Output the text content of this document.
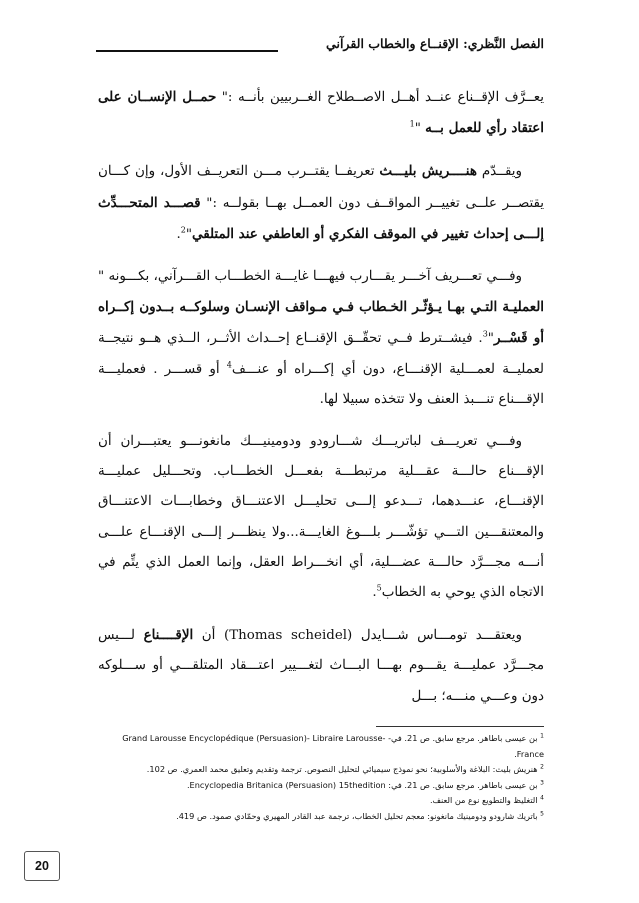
الفصل النَّظري: الإقنــاع والخطاب القرآني

يعــرَّف الإقــناع عنــد أهــل الاصــطلاح الغــربيين بأنــه :" حمــل الإنســان على اعتقاد رأي للعمل بــه "$^1$

ويقــدّم هنــــريش بليـــث تعريفــا يقتــرب مـــن التعريــف الأول، وإن كـــان يقتصــر علــى تغييــر المواقــف دون العمــل بهــا بقولــه :" قصـــد المتحـــدِّث إلـــى إحداث تغيير في الموقف الفكري أو العاطفي عند المتلقي"$^2$.

وفـــي تعـــريف آخـــر يقـــارب فيهـــا غايـــة الخطـــاب القـــرآني، بكـــونه " العمليـة التـي بهـا يـؤثّـر الخـطاب فـي مـواقف الإنسـان وسلوكــه بــدون إكــراه أو قَسْــر"$^3$. فيشــترط فــي تحقّــق الإقنــاع إحــداث الأثــر، الــذي هــو نتيجــة لعمليــة لعمـــلية الإقنـــاع، دون أي إكـــراه أو عنـــف$^4$ أو قســـر . فعمليـــة الإقـــناع تنـــبذ العنف ولا تتخذه سبيلا لها.

وفـــي تعريـــف لباتريـــك شـــارودو ودومينيـــك مانغونـــو يعتبـــران أن الإقـــناع حالـــة عقـــلية مرتبطـــة بفعـــل الخطـــاب. وتحـــليل عمليـــة الإقنـــاع، عنـــدهما، تـــدعو إلـــى تحليـــل الاعتنـــاق وخطابـــات الاعتنـــاق والمعتنقـــين التـــي تؤشّـــر بلـــوغ الغايـــة...ولا ينظـــر إلـــى الإقنـــاع علـــى أنـــه مجـــرَّد حالـــة عضـــلية، أي انخـــراط العقل، وإنما العمل الذي يتِّم في الاتجاه الذي يوحي به الخطاب$^5$.

ويعتقـــد تومـــاس شـــايدل (Thomas scheidel) أن الإقــــناع لـــيس مجـــرَّد عمليـــة يقـــوم بهـــا البـــاث لتغـــيير اعتـــقاد المتلقـــي أو ســـلوكه دون وعـــي منـــه؛ بـــل

$^1$ بن عيسى باطاهر. مرجع سابق. ص 21. في- Grand Larousse Encyclopédique (Persuasion)- Libraire Larousse-France.

$^2$ هنريش بليث: البلاغة والأسلوبية؛ نحو نموذج سيميائي لتحليل النصوص. ترجمة وتقديم وتعليق محمد العمري. ص 102.

$^3$ بن عيسى باطاهر. مرجع سابق. ص 21. في: Encyclopedia Britanica (Persuasion) 15thedition.

$^4$ التغليظ والتطويع نوع من العنف.

$^5$ باتريك شارودو ودومينيك مانغونو: معجم تحليل الخطاب، ترجمة عبد القادر المهيري وحمّادي صمود. ص 419.

20
